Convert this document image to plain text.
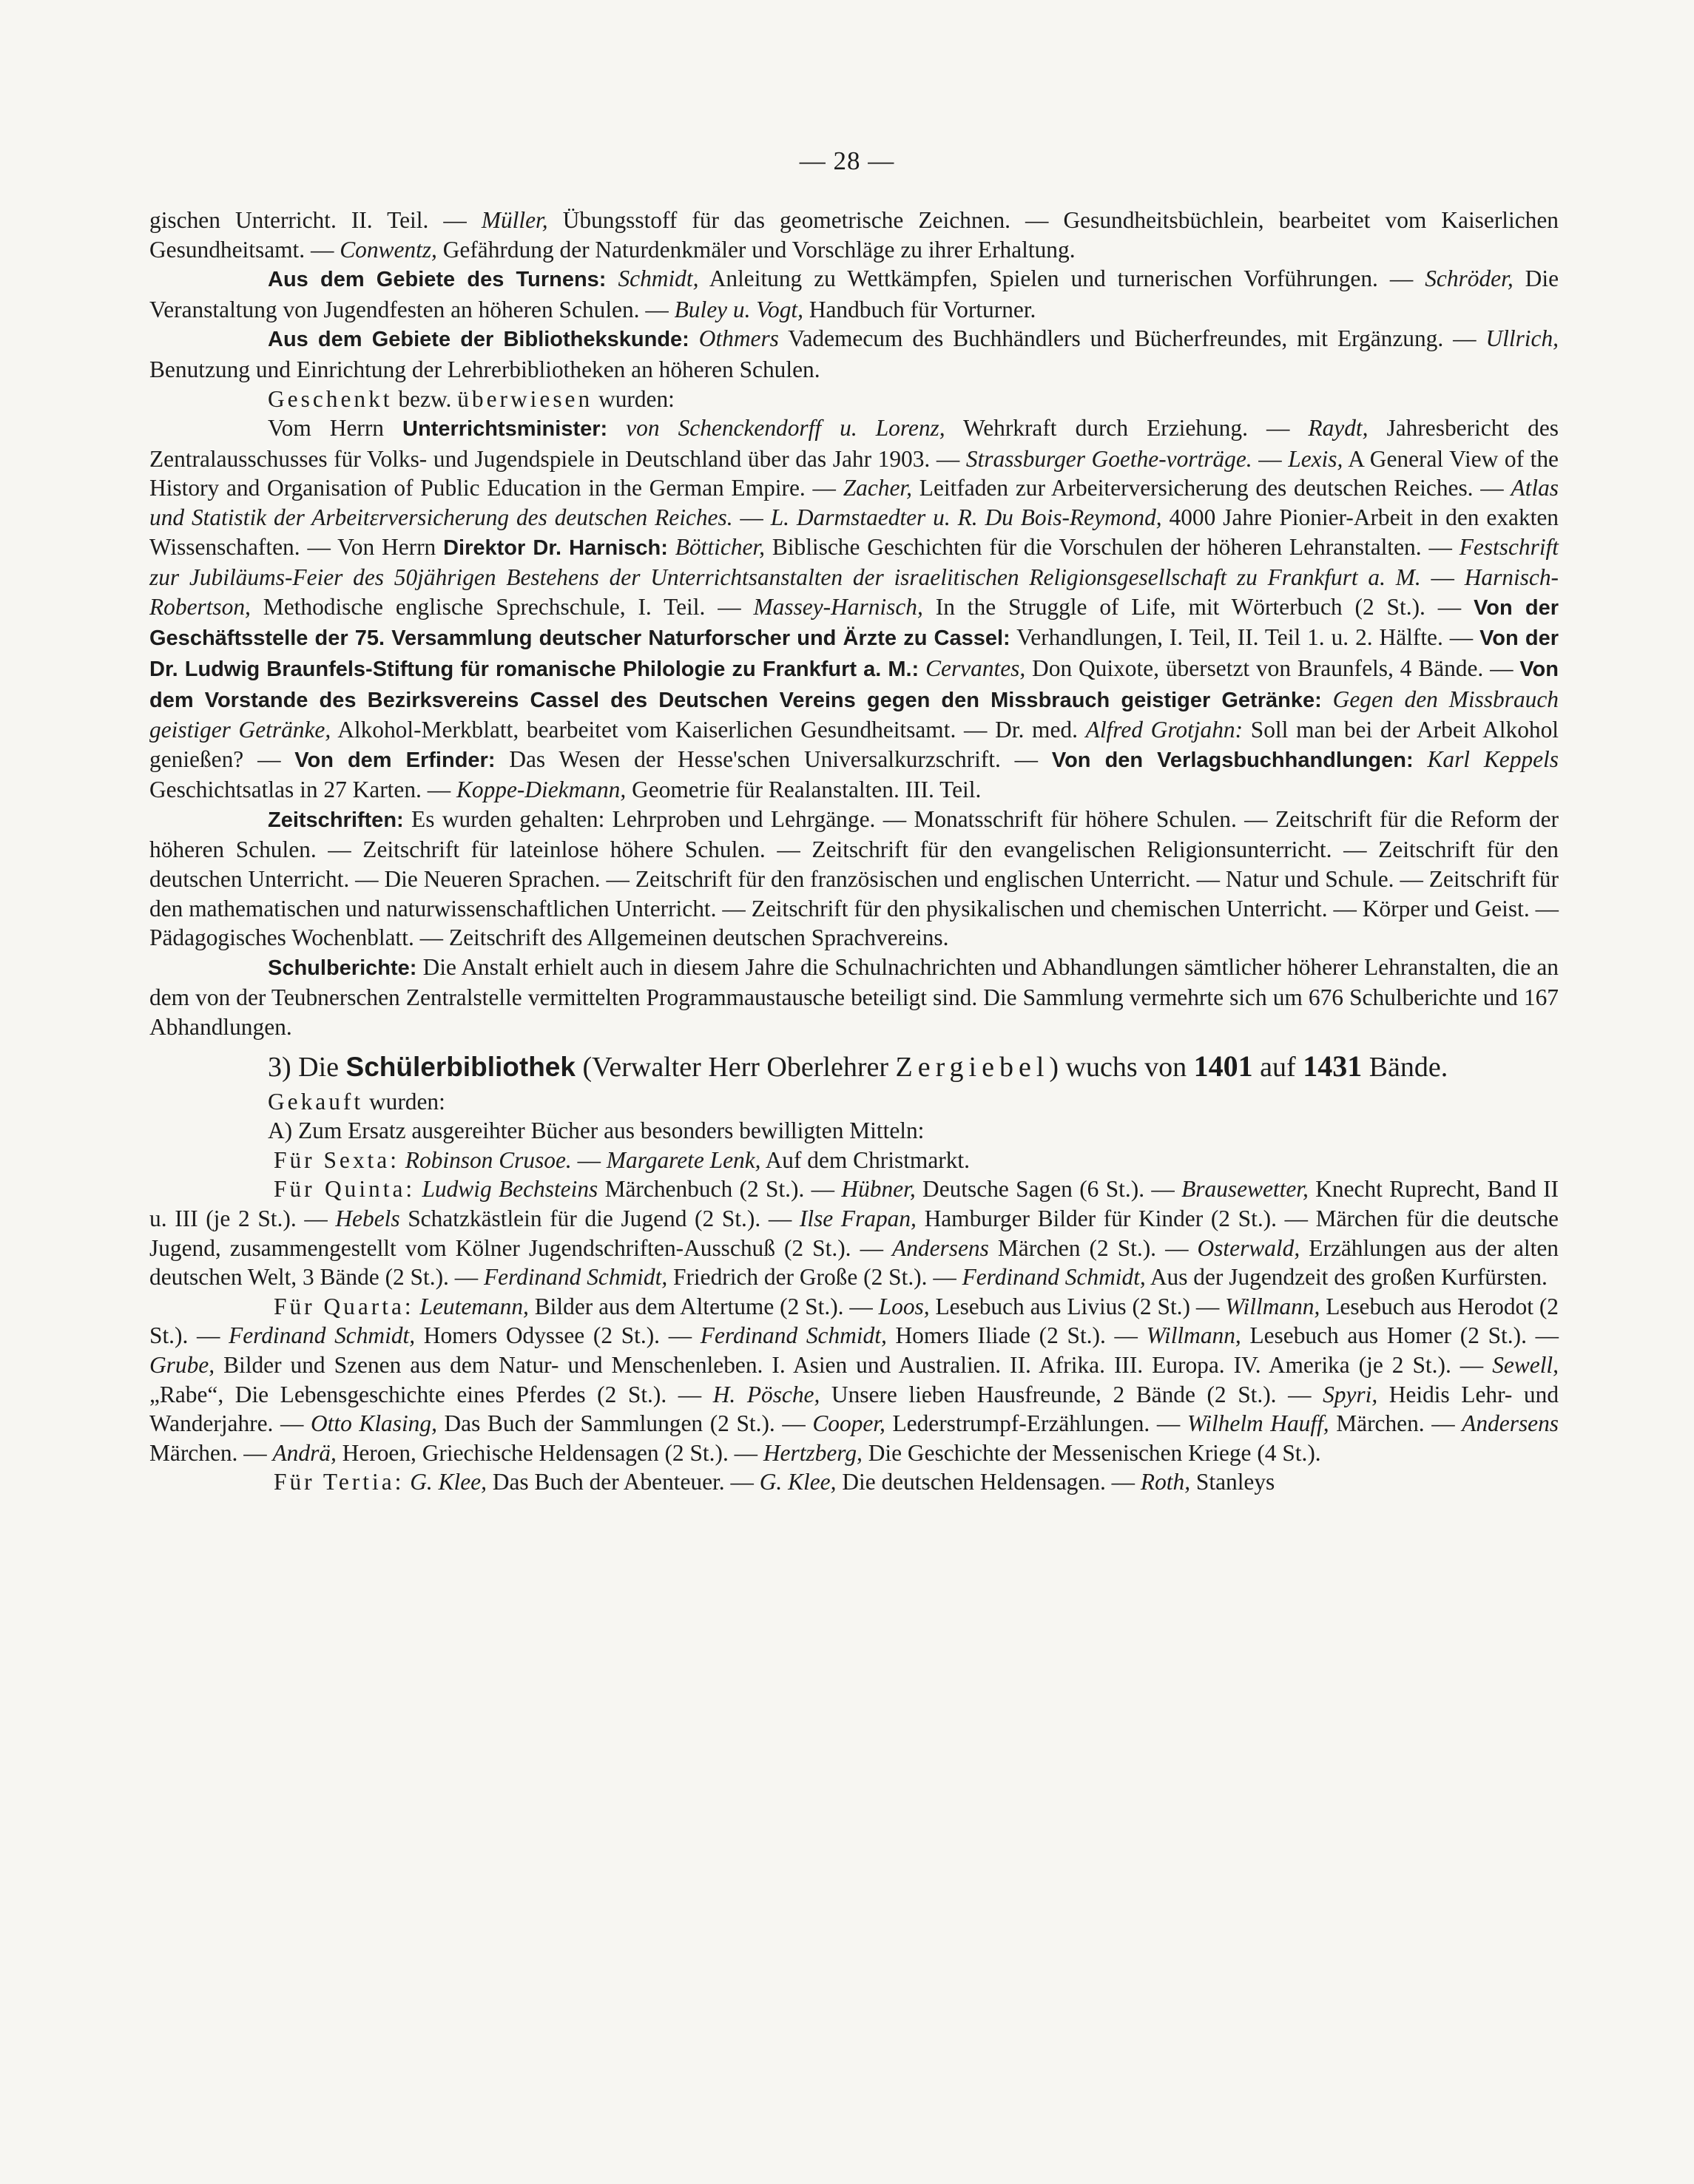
— 28 —

gischen Unterricht. II. Teil. — Müller, Übungsstoff für das geometrische Zeichnen. — Gesundheitsbüchlein, bearbeitet vom Kaiserlichen Gesundheitsamt. — Conwentz, Gefährdung der Naturdenkmäler und Vorschläge zu ihrer Erhaltung.

Aus dem Gebiete des Turnens: Schmidt, Anleitung zu Wettkämpfen, Spielen und turnerischen Vorführungen. — Schröder, Die Veranstaltung von Jugendfesten an höheren Schulen. — Buley u. Vogt, Handbuch für Vorturner.

Aus dem Gebiete der Bibliothekskunde: Othmers Vademecum des Buchhändlers und Bücherfreundes, mit Ergänzung. — Ullrich, Benutzung und Einrichtung der Lehrerbibliotheken an höheren Schulen.

Geschenkt bezw. überwiesen wurden:

Vom Herrn Unterrichtsminister: von Schenckendorff u. Lorenz, Wehrkraft durch Erziehung. — Raydt, Jahresbericht des Zentralausschusses für Volks- und Jugendspiele in Deutschland über das Jahr 1903. — Strassburger Goethe-vorträge. — Lexis, A General View of the History and Organisation of Public Education in the German Empire. — Zacher, Leitfaden zur Arbeiterversicherung des deutschen Reiches. — Atlas und Statistik der Arbeitεrversicherung des deutschen Reiches. — L. Darmstaedter u. R. Du Bois-Reymond, 4000 Jahre Pionier-Arbeit in den exakten Wissenschaften. — Von Herrn Direktor Dr. Harnisch: Bötticher, Biblische Geschichten für die Vorschulen der höheren Lehranstalten. — Festschrift zur Jubiläums-Feier des 50jährigen Bestehens der Unterrichtsanstalten der israelitischen Religionsgesellschaft zu Frankfurt a. M. — Harnisch-Robertson, Methodische englische Sprechschule, I. Teil. — Massey-Harnisch, In the Struggle of Life, mit Wörterbuch (2 St.). — Von der Geschäftsstelle der 75. Versammlung deutscher Naturforscher und Ärzte zu Cassel: Verhandlungen, I. Teil, II. Teil 1. u. 2. Hälfte. — Von der Dr. Ludwig Braunfels-Stiftung für romanische Philologie zu Frankfurt a. M.: Cervantes, Don Quixote, übersetzt von Braunfels, 4 Bände. — Von dem Vorstande des Bezirksvereins Cassel des Deutschen Vereins gegen den Missbrauch geistiger Getränke: Gegen den Missbrauch geistiger Getränke, Alkohol-Merkblatt, bearbeitet vom Kaiserlichen Gesundheitsamt. — Dr. med. Alfred Grotjahn: Soll man bei der Arbeit Alkohol genießen? — Von dem Erfinder: Das Wesen der Hesse'schen Universalkurzschrift. — Von den Verlagsbuchhandlungen: Karl Keppels Geschichtsatlas in 27 Karten. — Koppe-Diekmann, Geometrie für Realanstalten. III. Teil.

Zeitschriften: Es wurden gehalten: Lehrproben und Lehrgänge. — Monatsschrift für höhere Schulen. — Zeitschrift für die Reform der höheren Schulen. — Zeitschrift für lateinlose höhere Schulen. — Zeitschrift für den evangelischen Religionsunterricht. — Zeitschrift für den deutschen Unterricht. — Die Neueren Sprachen. — Zeitschrift für den französischen und englischen Unterricht. — Natur und Schule. — Zeitschrift für den mathematischen und naturwissenschaftlichen Unterricht. — Zeitschrift für den physikalischen und chemischen Unterricht. — Körper und Geist. — Pädagogisches Wochenblatt. — Zeitschrift des Allgemeinen deutschen Sprachvereins.

Schulberichte: Die Anstalt erhielt auch in diesem Jahre die Schulnachrichten und Abhandlungen sämtlicher höherer Lehranstalten, die an dem von der Teubnerschen Zentralstelle vermittelten Programmaustausche beteiligt sind. Die Sammlung vermehrte sich um 676 Schulberichte und 167 Abhandlungen.

3) Die Schülerbibliothek (Verwalter Herr Oberlehrer Zergiebel) wuchs von 1401 auf 1431 Bände.

Gekauft wurden:

A) Zum Ersatz ausgereihter Bücher aus besonders bewilligten Mitteln:

Für Sexta: Robinson Crusoe. — Margarete Lenk, Auf dem Christmarkt.

Für Quinta: Ludwig Bechsteins Märchenbuch (2 St.). — Hübner, Deutsche Sagen (6 St.). — Brausewetter, Knecht Ruprecht, Band II u. III (je 2 St.). — Hebels Schatzkästlein für die Jugend (2 St.). — Ilse Frapan, Hamburger Bilder für Kinder (2 St.). — Märchen für die deutsche Jugend, zusammengestellt vom Kölner Jugendschriften-Ausschuß (2 St.). — Andersens Märchen (2 St.). — Osterwald, Erzählungen aus der alten deutschen Welt, 3 Bände (2 St.). — Ferdinand Schmidt, Friedrich der Große (2 St.). — Ferdinand Schmidt, Aus der Jugendzeit des großen Kurfürsten.

Für Quarta: Leutemann, Bilder aus dem Altertume (2 St.). — Loos, Lesebuch aus Livius (2 St.) — Willmann, Lesebuch aus Herodot (2 St.). — Ferdinand Schmidt, Homers Odyssee (2 St.). — Ferdinand Schmidt, Homers Iliade (2 St.). — Willmann, Lesebuch aus Homer (2 St.). — Grube, Bilder und Szenen aus dem Natur- und Menschenleben. I. Asien und Australien. II. Afrika. III. Europa. IV. Amerika (je 2 St.). — Sewell, „Rabe“, Die Lebensgeschichte eines Pferdes (2 St.). — H. Pösche, Unsere lieben Hausfreunde, 2 Bände (2 St.). — Spyri, Heidis Lehr- und Wanderjahre. — Otto Klasing, Das Buch der Sammlungen (2 St.). — Cooper, Lederstrumpf-Erzählungen. — Wilhelm Hauff, Märchen. — Andersens Märchen. — Andrä, Heroen, Griechische Heldensagen (2 St.). — Hertzberg, Die Geschichte der Messenischen Kriege (4 St.).

Für Tertia: G. Klee, Das Buch der Abenteuer. — G. Klee, Die deutschen Heldensagen. — Roth, Stanleys
